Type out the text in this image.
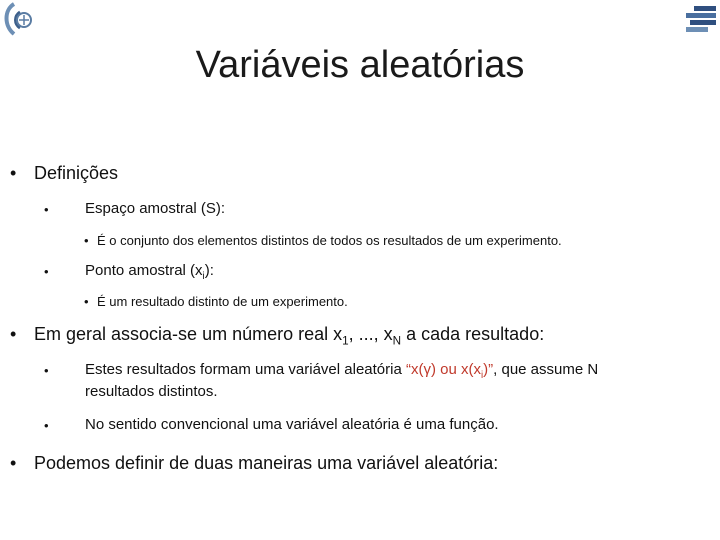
Variáveis aleatórias
• Definições

• Espaço amostral (S):

• É o conjunto dos elementos distintos de todos os resultados de um experimento.

• Ponto amostral $(x_i)$:

• É um resultado distinto de um experimento.

• Em geral associa-se um número real $x_1$, ..., $x_N$ a cada resultado:

• Estes resultados formam uma variável aleatória “x(γ) ou $x(x_i)$”, que assume N

resultados distintos.

• No sentido convencional uma variável aleatória é uma função.

• Podemos definir de duas maneiras uma variável aleatória:
